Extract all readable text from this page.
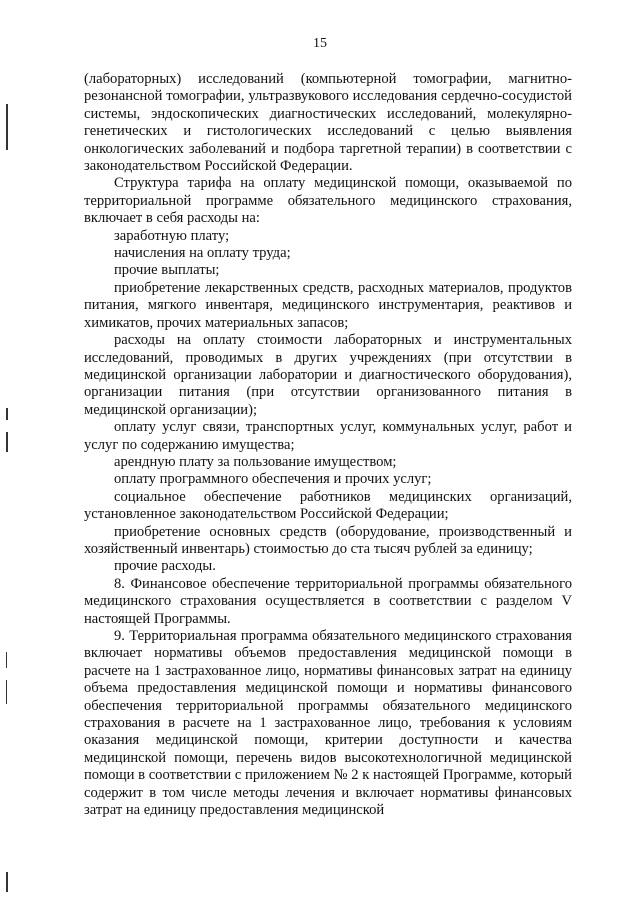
15

(лабораторных) исследований (компьютерной томографии, магнитно-резонансной томографии, ультразвукового исследования сердечно-сосудистой системы, эндоскопических диагностических исследований, молекулярно-генетических и гистологических исследований с целью выявления онкологических заболеваний и подбора таргетной терапии) в соответствии с законодательством Российской Федерации.

Структура тарифа на оплату медицинской помощи, оказываемой по территориальной программе обязательного медицинского страхования, включает в себя расходы на:

заработную плату;

начисления на оплату труда;

прочие выплаты;

приобретение лекарственных средств, расходных материалов, продуктов питания, мягкого инвентаря, медицинского инструментария, реактивов и химикатов, прочих материальных запасов;

расходы на оплату стоимости лабораторных и инструментальных исследований, проводимых в других учреждениях (при отсутствии в медицинской организации лаборатории и диагностического оборудования), организации питания (при отсутствии организованного питания в медицинской организации);

оплату услуг связи, транспортных услуг, коммунальных услуг, работ и услуг по содержанию имущества;

арендную плату за пользование имуществом;

оплату программного обеспечения и прочих услуг;

социальное обеспечение работников медицинских организаций, установленное законодательством Российской Федерации;

приобретение основных средств (оборудование, производственный и хозяйственный инвентарь) стоимостью до ста тысяч рублей за единицу;

прочие расходы.

8. Финансовое обеспечение территориальной программы обязательного медицинского страхования осуществляется в соответствии с разделом V настоящей Программы.

9. Территориальная программа обязательного медицинского страхования включает нормативы объемов предоставления медицинской помощи в расчете на 1 застрахованное лицо, нормативы финансовых затрат на единицу объема предоставления медицинской помощи и нормативы финансового обеспечения территориальной программы обязательного медицинского страхования в расчете на 1 застрахованное лицо, требования к условиям оказания медицинской помощи, критерии доступности и качества медицинской помощи, перечень видов высокотехнологичной медицинской помощи в соответствии с приложением № 2 к настоящей Программе, который содержит в том числе методы лечения и включает нормативы финансовых затрат на единицу предоставления медицинской
